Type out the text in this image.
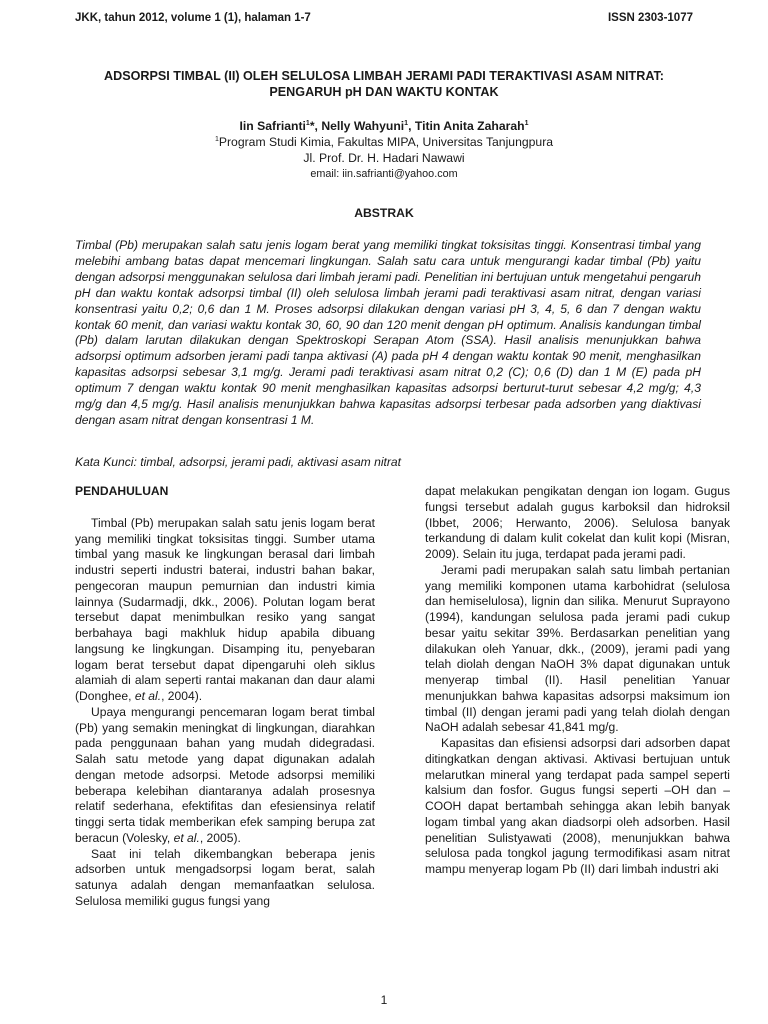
JKK, tahun 2012, volume 1 (1), halaman 1-7	ISSN 2303-1077
ADSORPSI TIMBAL (II) OLEH SELULOSA LIMBAH JERAMI PADI TERAKTIVASI ASAM NITRAT:
PENGARUH pH DAN WAKTU KONTAK
Iin Safrianti$^1$*, Nelly Wahyuni$^1$, Titin Anita Zaharah$^1$
$^1$Program Studi Kimia, Fakultas MIPA, Universitas Tanjungpura
Jl. Prof. Dr. H. Hadari Nawawi
email: iin.safrianti@yahoo.com
ABSTRAK

Timbal (Pb) merupakan salah satu jenis logam berat yang memiliki tingkat toksisitas tinggi. Konsentrasi timbal yang melebihi ambang batas dapat mencemari lingkungan. Salah satu cara untuk mengurangi kadar timbal (Pb) yaitu dengan adsorpsi menggunakan selulosa dari limbah jerami padi. Penelitian ini bertujuan untuk mengetahui pengaruh pH dan waktu kontak adsorpsi timbal (II) oleh selulosa limbah jerami padi teraktivasi asam nitrat, dengan variasi konsentrasi yaitu 0,2; 0,6 dan 1 M. Proses adsorpsi dilakukan dengan variasi pH 3, 4, 5, 6 dan 7 dengan waktu kontak 60 menit, dan variasi waktu kontak 30, 60, 90 dan 120 menit dengan pH optimum. Analisis kandungan timbal (Pb) dalam larutan dilakukan dengan Spektroskopi Serapan Atom (SSA). Hasil analisis menunjukkan bahwa adsorpsi optimum adsorben jerami padi tanpa aktivasi (A) pada pH 4 dengan waktu kontak 90 menit, menghasilkan kapasitas adsorpsi sebesar 3,1 mg/g. Jerami padi teraktivasi asam nitrat 0,2 (C); 0,6 (D) dan 1 M (E) pada pH optimum 7 dengan waktu kontak 90 menit menghasilkan kapasitas adsorpsi berturut-turut sebesar 4,2 mg/g; 4,3 mg/g dan 4,5 mg/g. Hasil analisis menunjukkan bahwa kapasitas adsorpsi terbesar pada adsorben yang diaktivasi dengan asam nitrat dengan konsentrasi 1 M.

Kata Kunci: timbal, adsorpsi, jerami padi, aktivasi asam nitrat

PENDAHULUAN

Timbal (Pb) merupakan salah satu jenis logam berat yang memiliki tingkat toksisitas tinggi. Sumber utama timbal yang masuk ke lingkungan berasal dari limbah industri seperti industri baterai, industri bahan bakar, pengecoran maupun pemurnian dan industri kimia lainnya (Sudarmadji, dkk., 2006). Polutan logam berat tersebut dapat menimbulkan resiko yang sangat berbahaya bagi makhluk hidup apabila dibuang langsung ke lingkungan. Disamping itu, penyebaran logam berat tersebut dapat dipengaruhi oleh siklus alamiah di alam seperti rantai makanan dan daur alami (Donghee, et al., 2004).

Upaya mengurangi pencemaran logam berat timbal (Pb) yang semakin meningkat di lingkungan, diarahkan pada penggunaan bahan yang mudah didegradasi. Salah satu metode yang dapat digunakan adalah dengan metode adsorpsi. Metode adsorpsi memiliki beberapa kelebihan diantaranya adalah prosesnya relatif sederhana, efektifitas dan efesiensinya relatif tinggi serta tidak memberikan efek samping berupa zat beracun (Volesky, et al., 2005).

Saat ini telah dikembangkan beberapa jenis adsorben untuk mengadsorpsi logam berat, salah satunya adalah dengan memanfaatkan selulosa. Selulosa memiliki gugus fungsi yang

dapat melakukan pengikatan dengan ion logam. Gugus fungsi tersebut adalah gugus karboksil dan hidroksil (Ibbet, 2006; Herwanto, 2006). Selulosa banyak terkandung di dalam kulit cokelat dan kulit kopi (Misran, 2009). Selain itu juga, terdapat pada jerami padi.

Jerami padi merupakan salah satu limbah pertanian yang memiliki komponen utama karbohidrat (selulosa dan hemiselulosa), lignin dan silika. Menurut Suprayono (1994), kandungan selulosa pada jerami padi cukup besar yaitu sekitar 39%. Berdasarkan penelitian yang dilakukan oleh Yanuar, dkk., (2009), jerami padi yang telah diolah dengan NaOH 3% dapat digunakan untuk menyerap timbal (II). Hasil penelitian Yanuar menunjukkan bahwa kapasitas adsorpsi maksimum ion timbal (II) dengan jerami padi yang telah diolah dengan NaOH adalah sebesar 41,841 mg/g.

Kapasitas dan efisiensi adsorpsi dari adsorben dapat ditingkatkan dengan aktivasi. Aktivasi bertujuan untuk melarutkan mineral yang terdapat pada sampel seperti kalsium dan fosfor. Gugus fungsi seperti –OH dan –COOH dapat bertambah sehingga akan lebih banyak logam timbal yang akan diadsorpi oleh adsorben. Hasil penelitian Sulistyawati (2008), menunjukkan bahwa selulosa pada tongkol jagung termodifikasi asam nitrat mampu menyerap logam Pb (II) dari limbah industri aki

1
